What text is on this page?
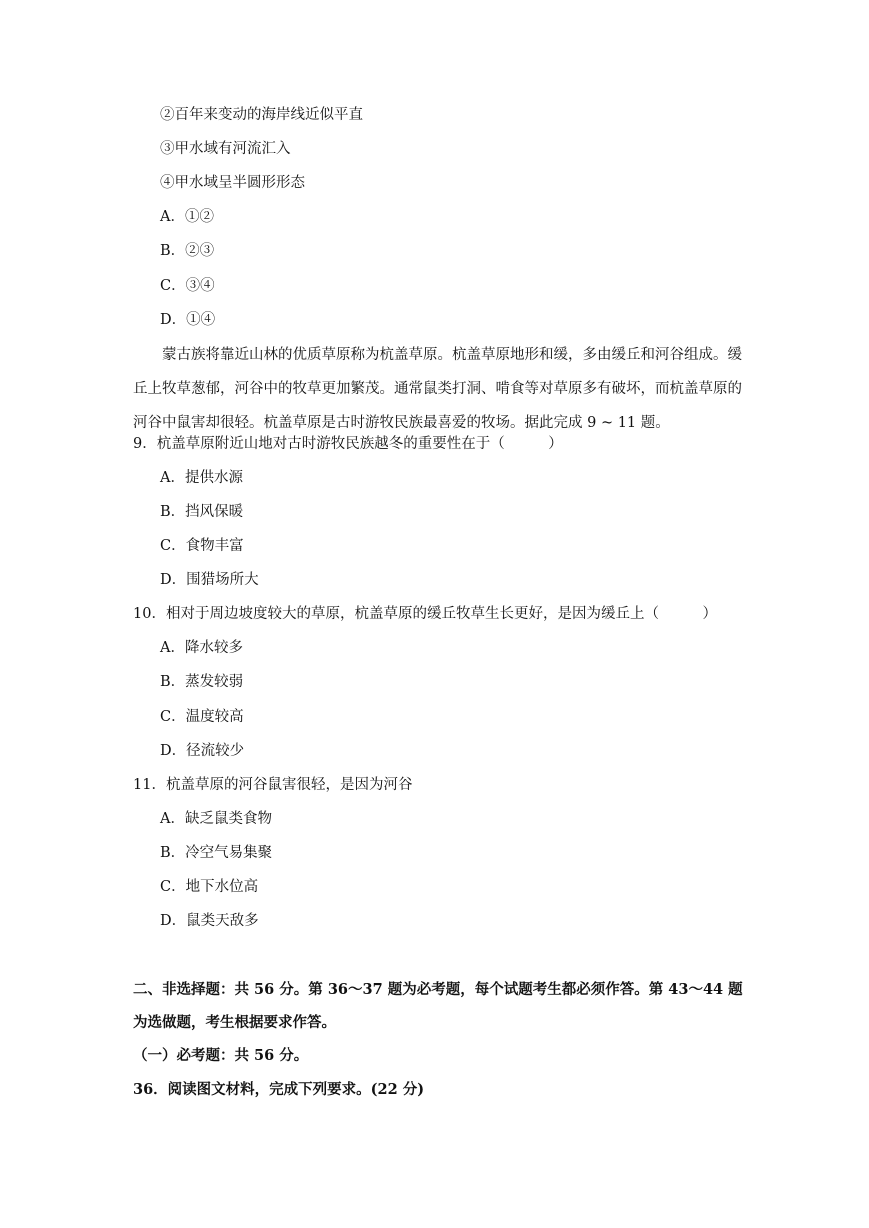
②百年来变动的海岸线近似平直
③甲水域有河流汇入
④甲水域呈半圆形形态
A．①②
B．②③
C．③④
D．①④
蒙古族将靠近山林的优质草原称为杭盖草原。杭盖草原地形和缓，多由缓丘和河谷组成。缓丘上牧草葱郁，河谷中的牧草更加繁茂。通常鼠类打洞、啃食等对草原多有破坏，而杭盖草原的河谷中鼠害却很轻。杭盖草原是古时游牧民族最喜爱的牧场。据此完成 9 ~ 11 题。
9．杭盖草原附近山地对古时游牧民族越冬的重要性在于（　　　）
A．提供水源
B．挡风保暖
C．食物丰富
D．围猎场所大
10．相对于周边坡度较大的草原，杭盖草原的缓丘牧草生长更好，是因为缓丘上（　　　）
A．降水较多
B．蒸发较弱
C．温度较高
D．径流较少
11．杭盖草原的河谷鼠害很轻，是因为河谷
A．缺乏鼠类食物
B．冷空气易集聚
C．地下水位高
D．鼠类天敌多
二、非选择题：共 56 分。第 36～37 题为必考题，每个试题考生都必须作答。第 43～44 题
为选做题，考生根据要求作答。
（一）必考题：共 56 分。
36．阅读图文材料，完成下列要求。(22 分)
